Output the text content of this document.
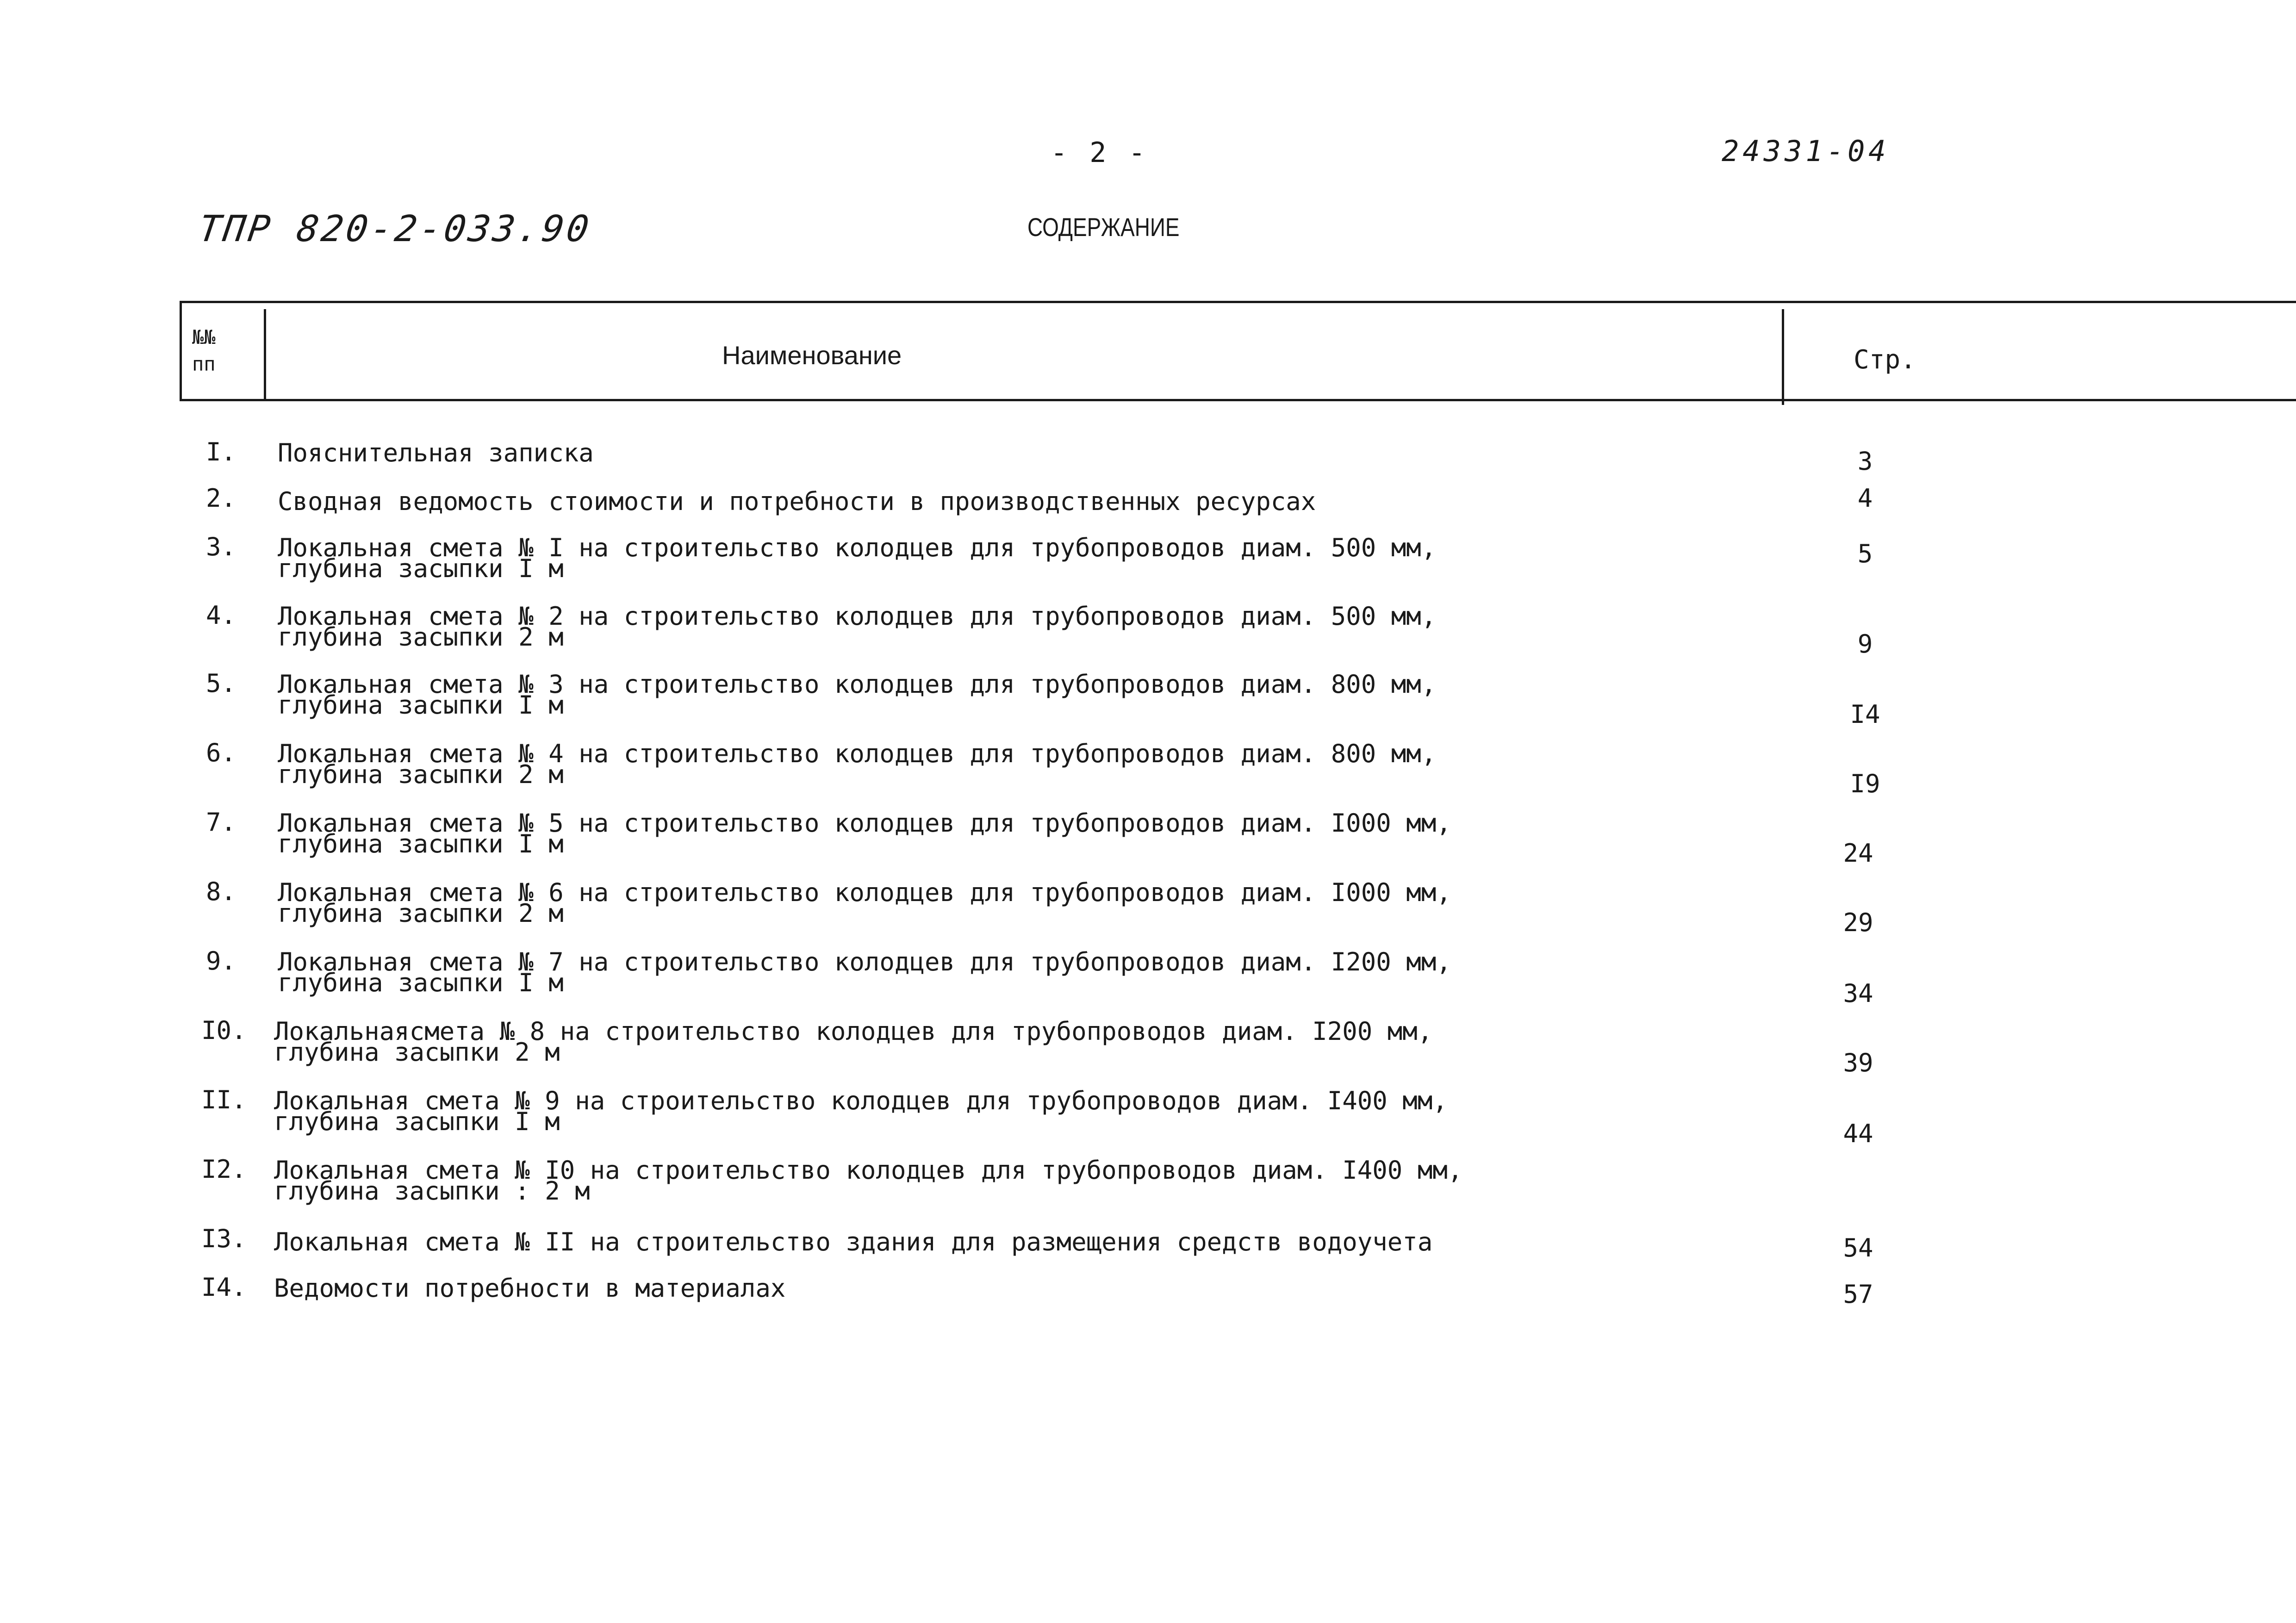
- 2 -	24331-04
ТПР 820-2-033.90	СОДЕРЖАНИЕ
№№ пп	Наименование	Стр.
I. Пояснительная записка	3
2. Сводная ведомость стоимости и потребности в производственных ресурсах	4
3. Локальная смета № I на строительство колодцев для трубопроводов диам. 500 мм,
глубина засыпки I м
5
4. Локальная смета № 2 на строительство колодцев для трубопроводов диам. 500 мм,
глубина засыпки 2 м	9
5. Локальная смета № 3 на строительство колодцев для трубопроводов диам. 800 мм,
глубина засыпки I м	I4
6. Локальная смета № 4 на строительство колодцев для трубопроводов диам. 800 мм,
глубина засыпки 2 м	I9
7. Локальная смета № 5 на строительство колодцев для трубопроводов диам. I000 мм,
глубина засыпки I м	24
8. Локальная смета № 6 на строительство колодцев для трубопроводов диам. I000 мм,
глубина засыпки 2 м	29
9. Локальная смета № 7 на строительство колодцев для трубопроводов диам. I200 мм,
глубина засыпки I м	34
I0. Локальнаясмета № 8 на строительство колодцев для трубопроводов диам. I200 мм,
глубина засыпки 2 м	39
II. Локальная смета № 9 на строительство колодцев для трубопроводов диам. I400 мм,
глубина засыпки I м	44
I2. Локальная смета № I0 на строительство колодцев для трубопроводов диам. I400 мм,
глубина засыпки : 2 м
I3. Локальная смета № II на строительство здания для размещения средств водоучета	54
I4. Ведомости потребности в материалах	57
